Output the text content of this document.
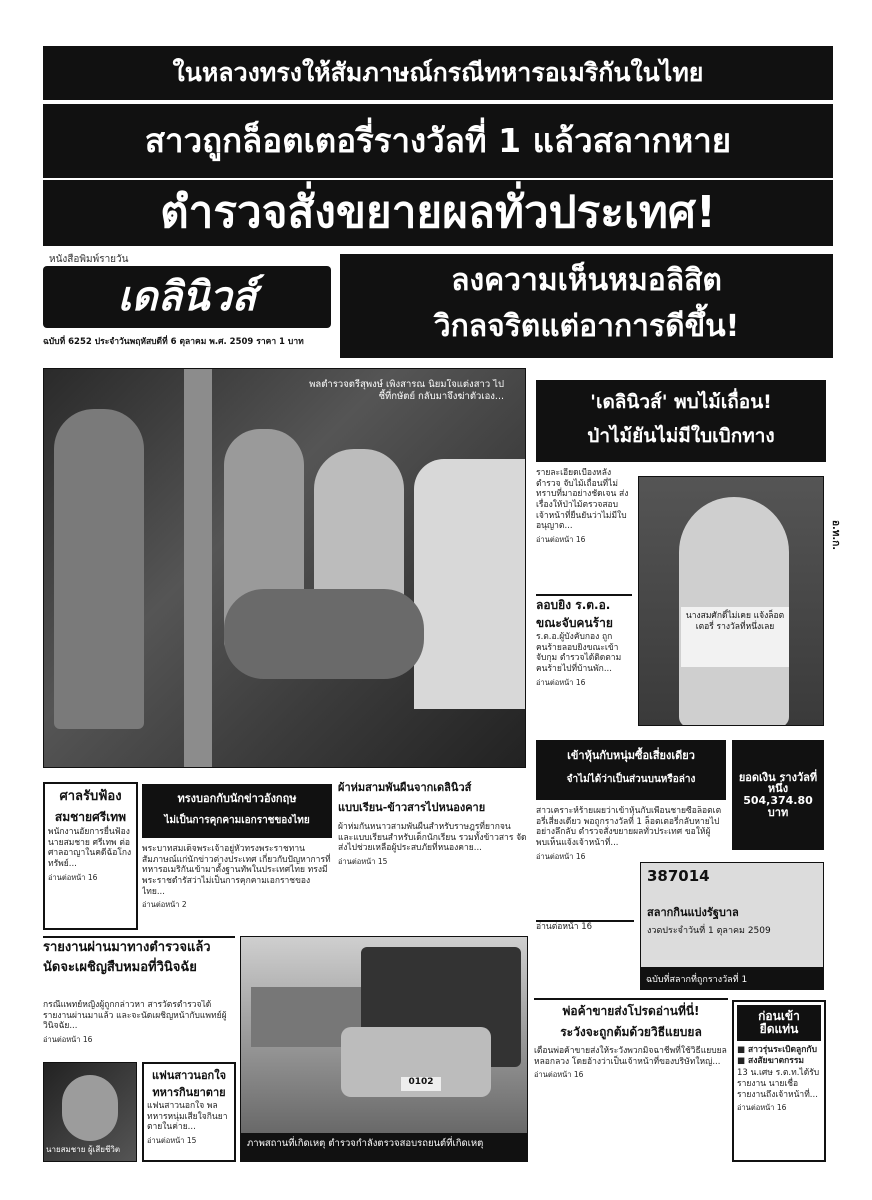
ในหลวงทรงให้สัมภาษณ์กรณีทหารอเมริกันในไทย
สาวถูกล็อตเตอรี่รางวัลที่ 1 แล้วสลากหาย
ตำรวจสั่งขยายผลทั่วประเทศ!
หนังสือพิมพ์รายวัน
เดลินิวส์
ฉบับที่ 6252 ประจำวันพฤหัสบดีที่ 6 ตุลาคม พ.ศ. 2509 ราคา 1 บาท
ลงความเห็นหมอลิสิต
วิกลจริตแต่อาการดีขึ้น!
พลตำรวจตรีสุพงษ์ เพิ่งสารณ นิยมใจแต่งสาว ไปชี้ที่กษัตย์ กลับมาจึงฆ่าตัวเอง...	'เดลินิวส์' พบไม้เถื่อน!
ป่าไม้ยันไม่มีใบเบิกทาง
รายละเอียดเบื้องหลัง ตำรวจ จับไม้เถื่อนที่ไม่ทราบที่มาอย่างชัดเจน ส่งเรื่องให้ป่าไม้ตรวจสอบ เจ้าหน้าที่ยืนยันว่าไม่มีใบอนุญาต...
อ่านต่อหน้า 16
ลอบยิง ร.ต.อ.
ขณะจับคนร้าย
ร.ต.อ.ผู้บังคับกอง ถูกคนร้ายลอบยิงขณะเข้าจับกุม ตำรวจได้ติดตามคนร้ายไปที่บ้านพัก...
อ่านต่อหน้า 16
นางสมศักดิ์ไม่เคย แจ้งล็อตเตอรี่ รางวัลที่หนึ่งเลย
อ.ท.ก.
เข้าหุ้นกับหนุ่มซื้อเสี่ยงเดียว
จำไม่ได้ว่าเป็นส่วนบนหรือล่าง
สาวเคราะห์ร้ายเผยว่าเข้าหุ้นกับเพื่อนชายซื้อล็อตเตอรี่เสี่ยงเดียว พอถูกรางวัลที่ 1 ล็อตเตอรี่กลับหายไปอย่างลึกลับ ตำรวจสั่งขยายผลทั่วประเทศ ขอให้ผู้พบเห็นแจ้งเจ้าหน้าที่...
อ่านต่อหน้า 16
ยอดเงิน รางวัลที่หนึ่ง 504,374.80 บาท
387014
สลากกินแบ่งรัฐบาล
งวดประจำวันที่ 1 ตุลาคม 2509
ฉบับที่สลากที่ถูกรางวัลที่ 1
อ่านต่อหน้า 16
ศาลรับฟ้อง
สมชายศรีเทพ
พนักงานอัยการยื่นฟ้อง นายสมชาย ศรีเทพ ต่อศาลอาญาในคดีฉ้อโกงทรัพย์...
อ่านต่อหน้า 16
ทรงบอกกับนักข่าวอังกฤษ
ไม่เป็นการคุกคามเอกราชของไทย
พระบาทสมเด็จพระเจ้าอยู่หัวทรงพระราชทานสัมภาษณ์แก่นักข่าวต่างประเทศ เกี่ยวกับปัญหาการที่ทหารอเมริกันเข้ามาตั้งฐานทัพในประเทศไทย ทรงมีพระราชดำรัสว่าไม่เป็นการคุกคามเอกราชของไทย...
อ่านต่อหน้า 2
ผ้าห่มสามพันผืนจากเดลินิวส์
แบบเรียน-ข้าวสารไปหนองคาย
ผ้าห่มกันหนาวสามพันผืนสำหรับราษฎรที่ยากจน และแบบเรียนสำหรับเด็กนักเรียน รวมทั้งข้าวสาร จัดส่งไปช่วยเหลือผู้ประสบภัยที่หนองคาย...
อ่านต่อหน้า 15
รายงานผ่านมาทางตำรวจแล้ว
นัดจะเผชิญสืบหมอที่วินิจฉัย
กรณีแพทย์หญิงผู้ถูกกล่าวหา สารวัตรตำรวจได้รายงานผ่านมาแล้ว และจะนัดเผชิญหน้ากับแพทย์ผู้วินิจฉัย...
อ่านต่อหน้า 16
นายสมชาย ผู้เสียชีวิต
แฟนสาวนอกใจ
ทหารกินยาตาย
แฟนสาวนอกใจ พลทหารหนุ่มเสียใจกินยาตายในค่าย...
อ่านต่อหน้า 15
0102
ภาพสถานที่เกิดเหตุ ตำรวจกำลังตรวจสอบรถยนต์ที่เกิดเหตุ
พ่อค้าขายส่งโปรดอ่านที่นี่!
ระวังจะถูกต้มด้วยวิธีแยบยล
เตือนพ่อค้าขายส่งให้ระวังพวกมิจฉาชีพที่ใช้วิธีแยบยลหลอกลวง โดยอ้างว่าเป็นเจ้าหน้าที่ของบริษัทใหญ่...
อ่านต่อหน้า 16
ก่อนเข้า
ยืดแท่น
■ สาวรุ่นระเบิดลูกกับ
■ สงสัยฆาตกรรม
13 น.เศษ ร.ต.ท.ได้รับรายงาน นายเชื่อรายงานถึงเจ้าหน้าที่...
อ่านต่อหน้า 16
